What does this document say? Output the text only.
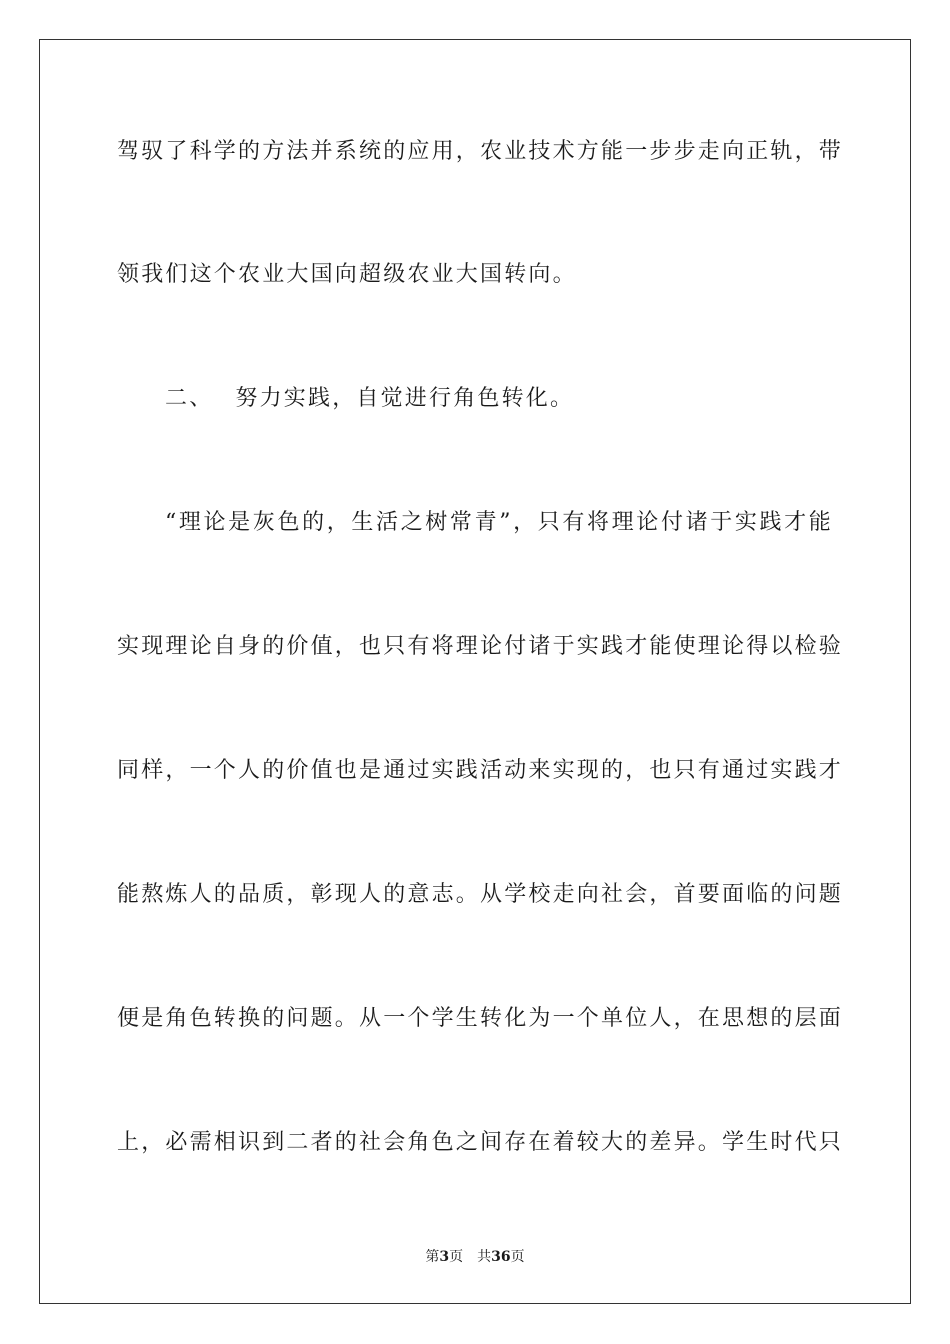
驾驭了科学的方法并系统的应用，农业技术方能一步步走向正轨，带
领我们这个农业大国向超级农业大国转向。
二、 努力实践，自觉进行角色转化。
“理论是灰色的，生活之树常青”，只有将理论付诸于实践才能
实现理论自身的价值，也只有将理论付诸于实践才能使理论得以检验
同样，一个人的价值也是通过实践活动来实现的，也只有通过实践才
能熬炼人的品质，彰现人的意志。从学校走向社会，首要面临的问题
便是角色转换的问题。从一个学生转化为一个单位人，在思想的层面
上，必需相识到二者的社会角色之间存在着较大的差异。学生时代只
第3页 共36页
